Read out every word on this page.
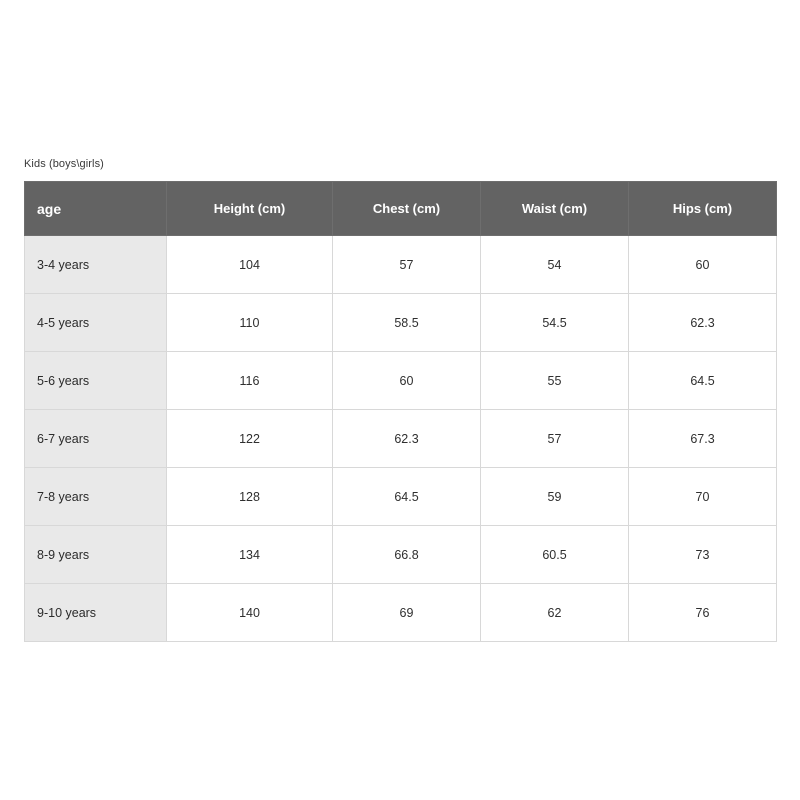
Kids (boys\girls)
age	Height (cm)	Chest (cm)	Waist (cm)	Hips (cm)
3-4 years	104	57	54	60
4-5 years	110	58.5	54.5	62.3
5-6 years	116	60	55	64.5
6-7 years	122	62.3	57	67.3
7-8 years	128	64.5	59	70
8-9 years	134	66.8	60.5	73
9-10 years	140	69	62	76
